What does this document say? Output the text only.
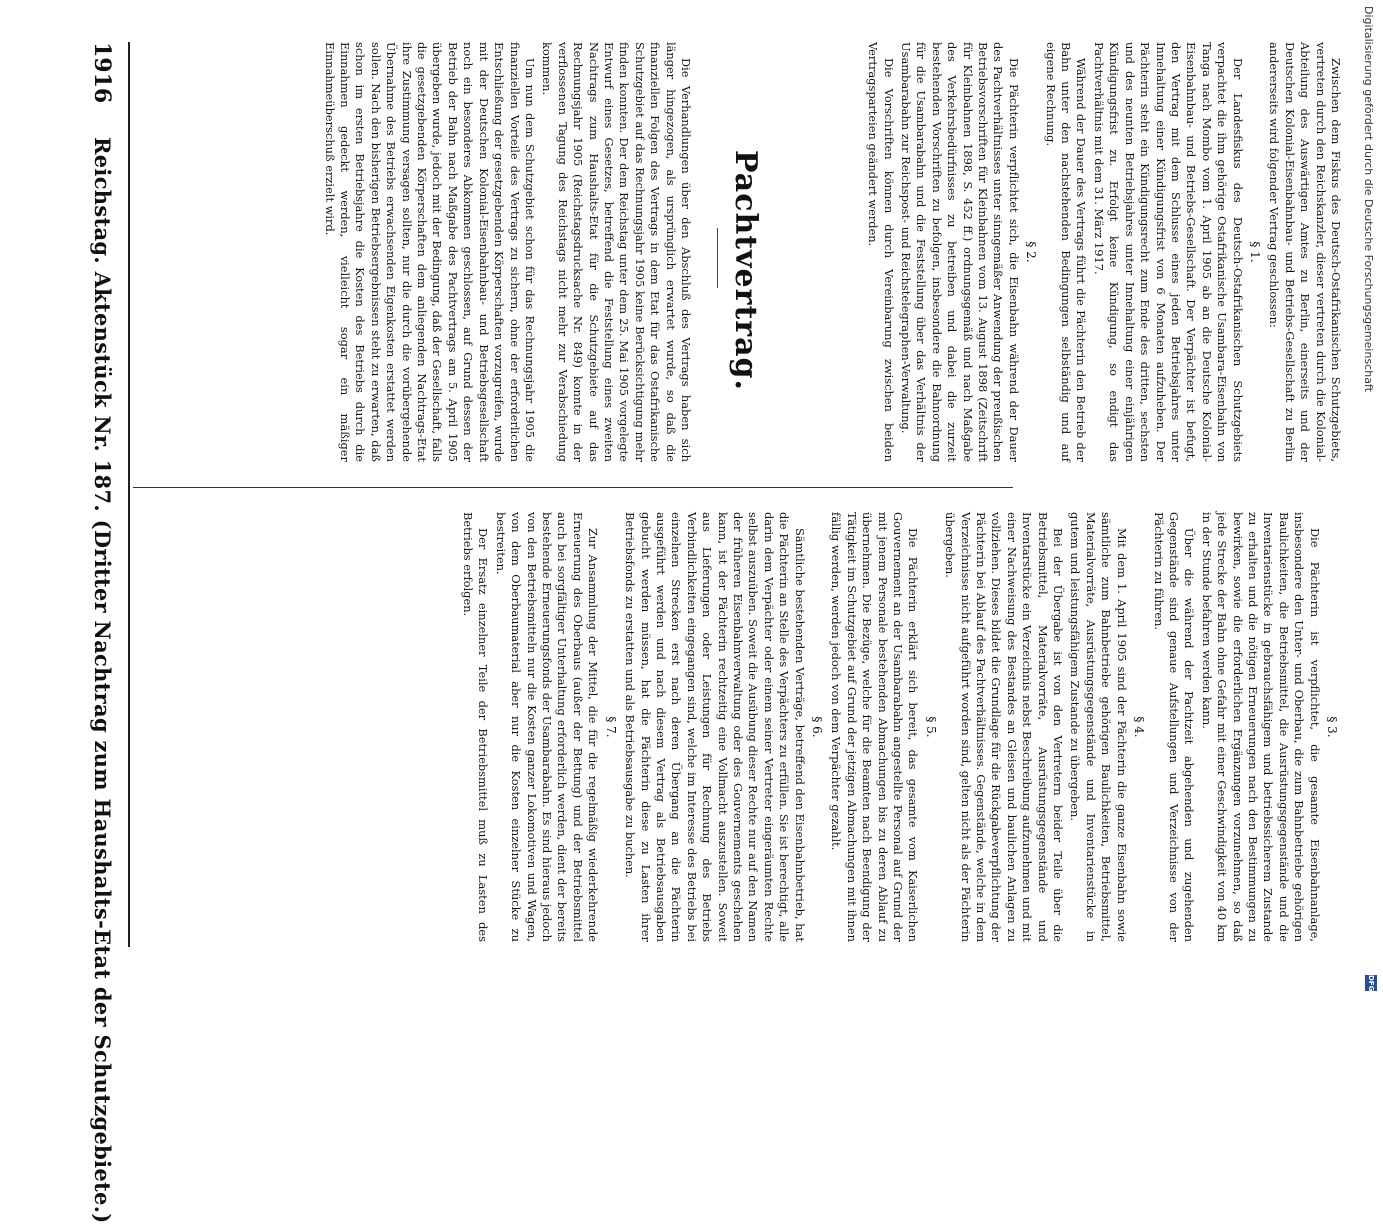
1916
Reichstag. Aktenstück Nr. 187. (Dritter Nachtrag zum Haushalts-Etat der Schutzgebiete.)	Die Verhandlungen über den Abschluß des Vertrags haben sich länger hingezogen, als ursprünglich erwartet wurde, so daß die finanziellen Folgen des Vertrags in dem Etat für das Ostafrikanische Schutzgebiet auf das Rechnungsjahr 1905 keine Berücksichtigung mehr finden konnten. Der dem Reichstag unter dem 25. Mai 1905 vorgelegte Entwurf eines Gesetzes, betreffend die Feststellung eines zweiten Nachtrags zum Haushalts-Etat für die Schutzgebiete auf das Rechnungsjahr 1905 (Reichstagsdrucksache Nr. 849) konnte in der verflossenen Tagung des Reichstags nicht mehr zur Verabschiedung kommen.

Um nun dem Schutzgebiet schon für das Rechnungsjahr 1905 die finanziellen Vorteile des Vertrags zu sichern, ohne der erforderlichen Entschließung der gesetzgebenden Körperschaften vorzugreifen, wurde mit der Deutschen Kolonial-Eisenbahnbau- und Betriebsgesellschaft noch ein besonderes Abkommen geschlossen, auf Grund dessen der Betrieb der Bahn nach Maßgabe des Pachtvertrags am 5. April 1905 übergeben wurde, jedoch mit der Bedingung, daß der Gesellschaft, falls die gesetzgebenden Körperschaften dem anliegenden Nachtrags-Etat ihre Zustimmung versagen sollten, nur die durch die vorübergehende Übernahme des Betriebs erwachsenden Eigenkosten erstattet werden sollen. Nach den bisherigen Betriebsergebnissen steht zu erwarten, daß schon im ersten Betriebsjahre die Kosten des Betriebs durch die Einnahmen gedeckt werden, vielleicht sogar ein mäßiger Einnahmeüberschuß erzielt wird.

Pachtvertrag.	Zwischen dem Fiskus des Deutsch-Ostafrikanischen Schutzgebiets, vertreten durch den Reichskanzler, dieser vertreten durch die Kolonial-Abteilung des Auswärtigen Amtes zu Berlin, einerseits und der Deutschen Kolonial-Eisenbahnbau- und Betriebs-Gesellschaft zu Berlin andererseits wird folgender Vertrag geschlossen:

§ 1.

Der Landesfiskus des Deutsch-Ostafrikanischen Schutzgebiets verpachtet die ihm gehörige Ostafrikanische Usambara-Eisenbahn von Tanga nach Mombo vom 1. April 1905 ab an die Deutsche Kolonial-Eisenbahnbau- und Betriebs-Gesellschaft. Der Verpächter ist befugt, den Vertrag mit dem Schlusse eines jeden Betriebsjahres unter Innehaltung einer Kündigungsfrist von 6 Monaten aufzuheben. Der Pächterin steht ein Kündigungsrecht zum Ende des dritten, sechsten und des neunten Betriebsjahres unter Innehaltung einer einjährigen Kündigungsfrist zu. Erfolgt keine Kündigung, so endigt das Pachtverhältnis mit dem 31. März 1917.

Während der Dauer des Vertrags führt die Pächterin den Betrieb der Bahn unter den nachstehenden Bedingungen selbständig und auf eigene Rechnung.

§ 2.

Die Pächterin verpflichtet sich, die Eisenbahn während der Dauer des Pachtverhältnisses unter sinngemäßer Anwendung der preußischen Betriebsvorschriften für Kleinbahnen vom 13. August 1898 (Zeitschrift für Kleinbahnen 1898, S. 452 ff.) ordnungsgemäß und nach Maßgabe des Verkehrsbedürfnisses zu betreiben und dabei die zurzeit bestehenden Vorschriften zu befolgen, insbesondere die Bahnordnung für die Usambarabahn und die Feststellung über das Verhältnis der Usambarabahn zur Reichspost- und Reichstelegraphen-Verwaltung.

Die Vorschriften können durch Vereinbarung zwischen beiden Vertragsparteien geändert werden.

§ 3.

Die Pächterin ist verpflichtet, die gesamte Eisenbahnanlage, insbesondere den Unter- und Oberbau, die zum Bahnbetriebe gehörigen Baulichkeiten, die Betriebsmittel, die Ausrüstungsgegenstände und die Inventarienstücke in gebrauchsfähigem und betriebssicherem Zustande zu erhalten und die nötigen Erneuerungen nach den Bestimmungen zu bewirken, sowie die erforderlichen Ergänzungen vorzunehmen, so daß jede Strecke der Bahn ohne Gefahr mit einer Geschwindigkeit von 40 km in der Stunde befahren werden kann.

Über die während der Pachtzeit abgehenden und zugehenden Gegenstände sind genaue Aufstellungen und Verzeichnisse von der Pächterin zu führen.

§ 4.

Mit dem 1. April 1905 sind der Pächterin die ganze Eisenbahn sowie sämtliche zum Bahnbetriebe gehörigen Baulichkeiten, Betriebsmittel, Materialvorräte, Ausrüstungsgegenstände und Inventarienstücke in gutem und leistungsfähigem Zustande zu übergeben.

Bei der Übergabe ist von den Vertretern beider Teile über die Betriebsmittel, Materialvorräte, Ausrüstungsgegenstände und Inventarstücke ein Verzeichnis nebst Beschreibung aufzunehmen und mit einer Nachweisung des Bestandes an Gleisen und baulichen Anlagen zu vollziehen. Dieses bildet die Grundlage für die Rückgabeverpflichtung der Pächterin bei Ablauf des Pachtverhältnisses. Gegenstände, welche in dem Verzeichnisse nicht aufgeführt worden sind, gelten nicht als der Pächterin übergeben.

§ 5.

Die Pächterin erklärt sich bereit, das gesamte vom Kaiserlichen Gouvernement an der Usambarabahn angestellte Personal auf Grund der mit jenem Personale bestehenden Abmachungen bis zu deren Ablauf zu übernehmen. Die Bezüge, welche für die Beamten nach Beendigung der Tätigkeit im Schutzgebiet auf Grund der jetzigen Abmachungen mit ihnen fällig werden, werden jedoch von dem Verpächter gezahlt.

§ 6.

Sämtliche bestehenden Verträge, betreffend den Eisenbahnbetrieb, hat die Pächterin an Stelle des Verpächters zu erfüllen. Sie ist berechtigt, alle darin dem Verpächter oder einem seiner Vertreter eingeräumten Rechte selbst auszuüben. Soweit die Ausübung dieser Rechte nur auf den Namen der früheren Eisenbahnverwaltung oder des Gouvernements geschehen kann, ist der Pächterin rechtzeitig eine Vollmacht auszustellen. Soweit aus Lieferungen oder Leistungen für Rechnung des Betriebs Verbindlichkeiten eingegangen sind, welche im Interesse des Betriebs bei einzelnen Strecken erst nach deren Übergang an die Pächterin ausgeführt werden und nach diesem Vertrag als Betriebsausgaben gebucht werden müssen, hat die Pächterin diese zu Lasten ihrer Betriebsfonds zu erstatten und als Betriebsausgabe zu buchen.

§ 7.

Zur Ansammlung der Mittel, die für die regelmäßig wiederkehrende Erneuerung des Oberbaus (außer der Bettung) und der Betriebsmittel auch bei sorgfältiger Unterhaltung erforderlich werden, dient der bereits bestehende Erneuerungsfonds der Usambarabahn. Es sind hieraus jedoch von den Betriebsmitteln nur die Kosten ganzer Lokomotiven und Wagen, von dem Oberbaumaterial aber nur die Kosten einzelner Stücke zu bestreiten.

Der Ersatz einzelner Teile der Betriebsmittel muß zu Lasten des Betriebs erfolgen.

Digitalisierung gefördert durch die Deutsche Forschungsgemeinschaft
DFG
